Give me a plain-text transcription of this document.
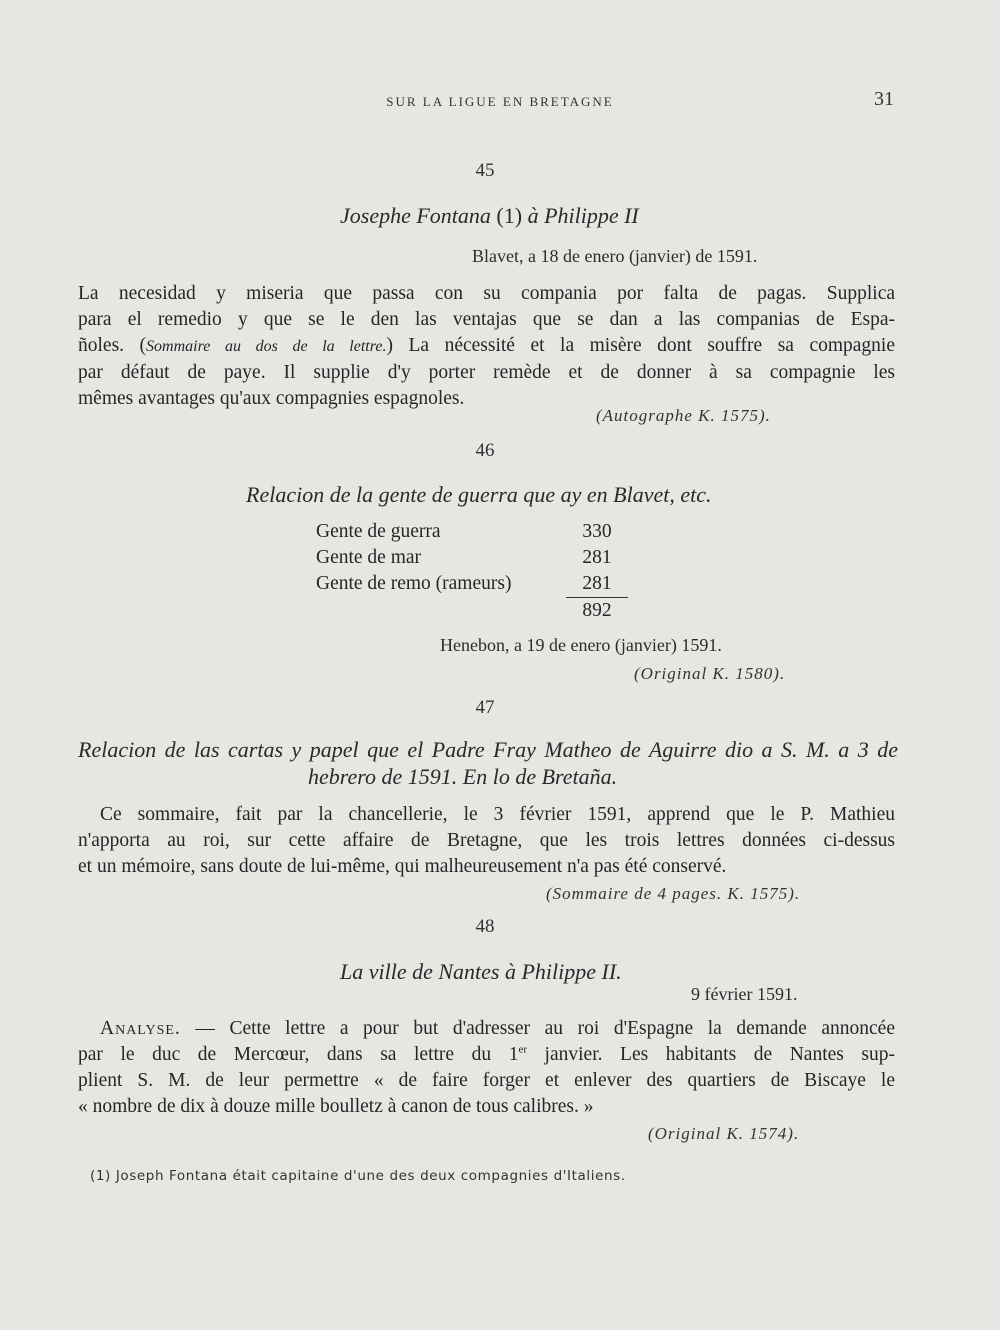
SUR LA LIGUE EN BRETAGNE	31
45
Josephe Fontana (1) à Philippe II
Blavet, a 18 de enero (janvier) de 1591.
La necesidad y miseria que passa con su compania por falta de pagas. Supplica
para el remedio y que se le den las ventajas que se dan a las companias de Espa-
ñoles. (Sommaire au dos de la lettre.) La nécessité et la misère dont souffre sa compagnie
par défaut de paye. Il supplie d'y porter remède et de donner à sa compagnie les
mêmes avantages qu'aux compagnies espagnoles.
(Autographe K. 1575).
46
Relacion de la gente de guerra que ay en Blavet, etc.
Gente de guerra	330
Gente de mar	281
Gente de remo (rameurs)	281
	892
Henebon, a 19 de enero (janvier) 1591.
(Original K. 1580).
47
Relacion de las cartas y papel que el Padre Fray Matheo de Aguirre dio a S. M. a 3 de
hebrero de 1591. En lo de Bretaña.
Ce sommaire, fait par la chancellerie, le 3 février 1591, apprend que le P. Mathieu
n'apporta au roi, sur cette affaire de Bretagne, que les trois lettres données ci-dessus
et un mémoire, sans doute de lui-même, qui malheureusement n'a pas été conservé.
(Sommaire de 4 pages. K. 1575).
48
La ville de Nantes à Philippe II.
9 février 1591.
Analyse. — Cette lettre a pour but d'adresser au roi d'Espagne la demande annoncée
par le duc de Mercœur, dans sa lettre du 1er janvier. Les habitants de Nantes sup-
plient S. M. de leur permettre « de faire forger et enlever des quartiers de Biscaye le
« nombre de dix à douze mille boulletz à canon de tous calibres. »
(Original K. 1574).
(1) Joseph Fontana était capitaine d'une des deux compagnies d'Italiens.
